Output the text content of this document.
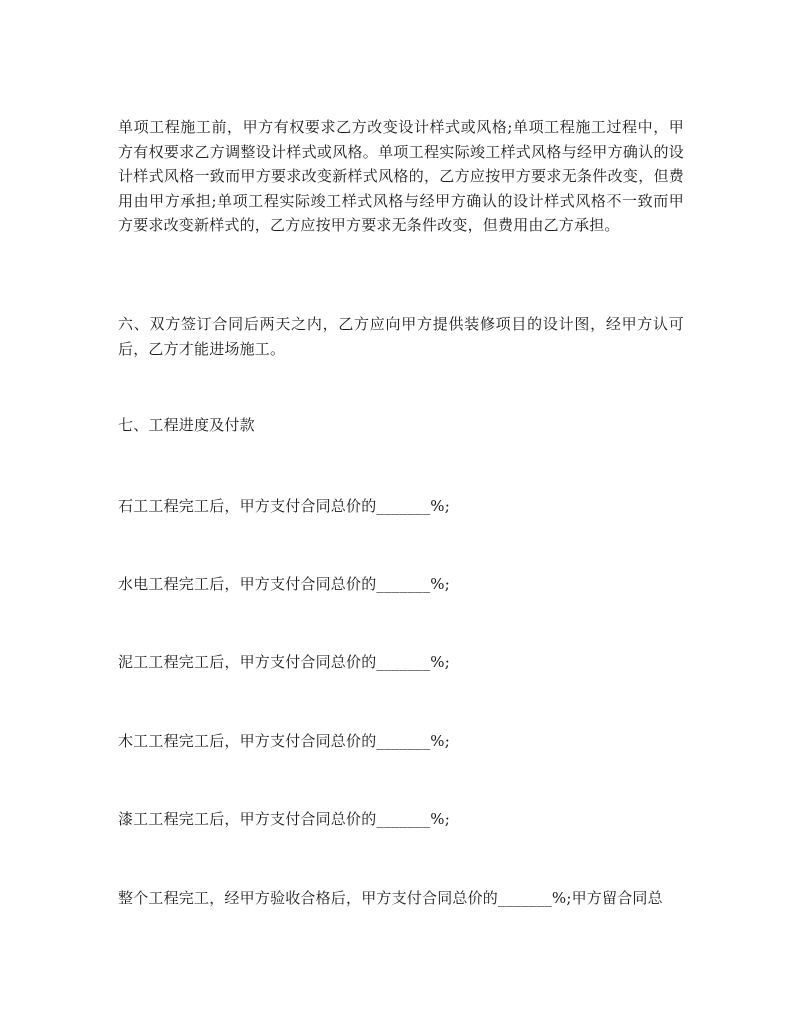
单项工程施工前，甲方有权要求乙方改变设计样式或风格;单项工程施工过程中，甲方有权要求乙方调整设计样式或风格。单项工程实际竣工样式风格与经甲方确认的设计样式风格一致而甲方要求改变新样式风格的，乙方应按甲方要求无条件改变，但费用由甲方承担;单项工程实际竣工样式风格与经甲方确认的设计样式风格不一致而甲方要求改变新样式的，乙方应按甲方要求无条件改变，但费用由乙方承担。

六、双方签订合同后两天之内，乙方应向甲方提供装修项目的设计图，经甲方认可后，乙方才能进场施工。

七、工程进度及付款

石工工程完工后，甲方支付合同总价的_______%;

水电工程完工后，甲方支付合同总价的_______%;

泥工工程完工后，甲方支付合同总价的_______%;

木工工程完工后，甲方支付合同总价的_______%;

漆工工程完工后，甲方支付合同总价的_______%;

整个工程完工，经甲方验收合格后，甲方支付合同总价的_______%;甲方留合同总
